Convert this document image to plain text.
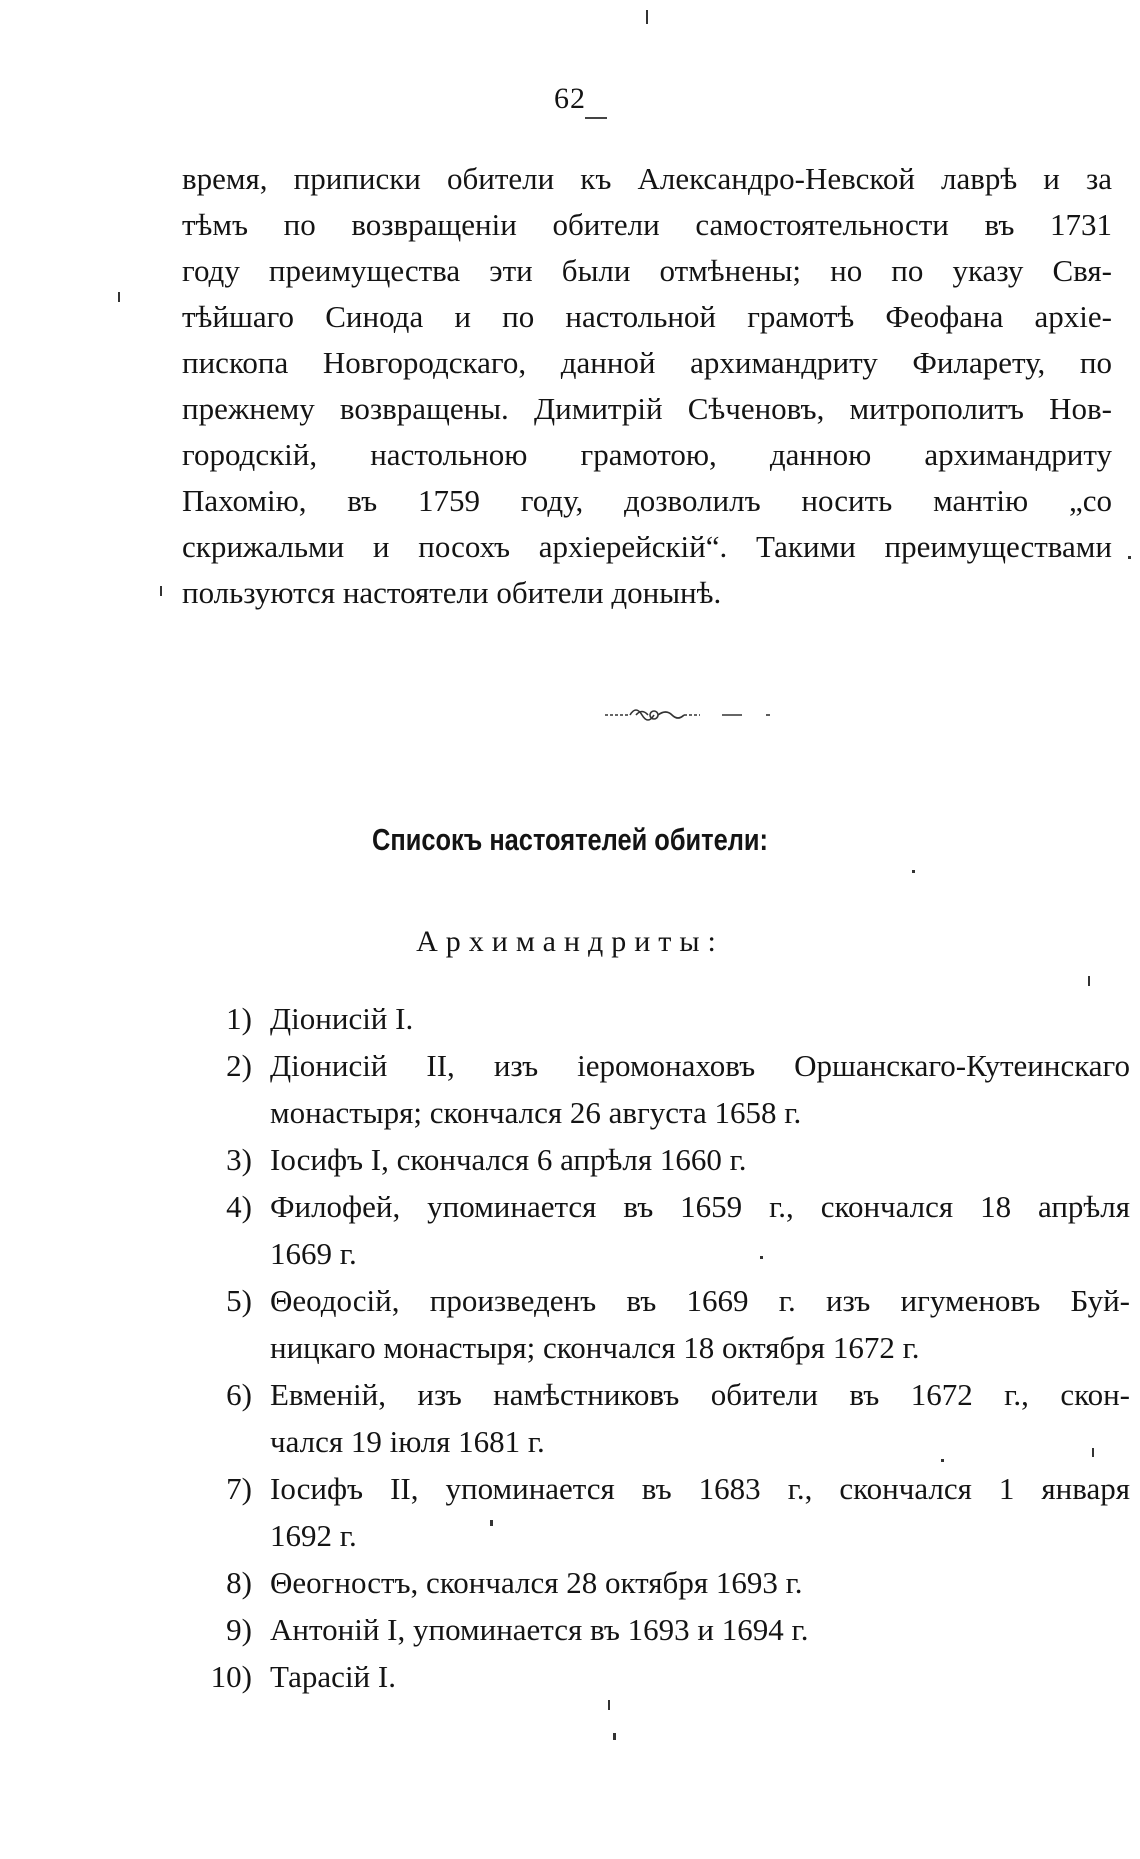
62
время, приписки обители къ Александро-Невской лаврѣ и за
тѣмъ по возвращеніи обители самостоятельности въ 1731
году преимущества эти были отмѣнены; но по указу Свя-
тѣйшаго Синода и по настольной грамотѣ Феофана архіе-
пископа Новгородскаго, данной архимандриту Филарету, по
прежнему возвращены. Димитрій Сѣченовъ, митрополитъ Нов-
городскій, настольною грамотою, данною архимандриту
Пахомію, въ 1759 году, дозволилъ носить мантію „со
скрижальми и посохъ архіерейскій“. Такими преимуществами
пользуются настоятели обители донынѣ.
Списокъ настоятелей обители:
Архимандриты:
1) Діонисій I.
2) Діонисій II, изъ іеромонаховъ Оршанскаго-Кутеинскаго
монастыря; скончался 26 августа 1658 г.
3) Іосифъ I, скончался 6 апрѣля 1660 г.
4) Филофей, упоминается въ 1659 г., скончался 18 апрѣля
1669 г.
5) Θеодосій, произведенъ въ 1669 г. изъ игуменовъ Буй-
ницкаго монастыря; скончался 18 октября 1672 г.
6) Евменій, изъ намѣстниковъ обители въ 1672 г., скон-
чался 19 іюля 1681 г.
7) Іосифъ II, упоминается въ 1683 г., скончался 1 января
1692 г.
8) Θеогностъ, скончался 28 октября 1693 г.
9) Антоній I, упоминается въ 1693 и 1694 г.
10) Тарасій I.
